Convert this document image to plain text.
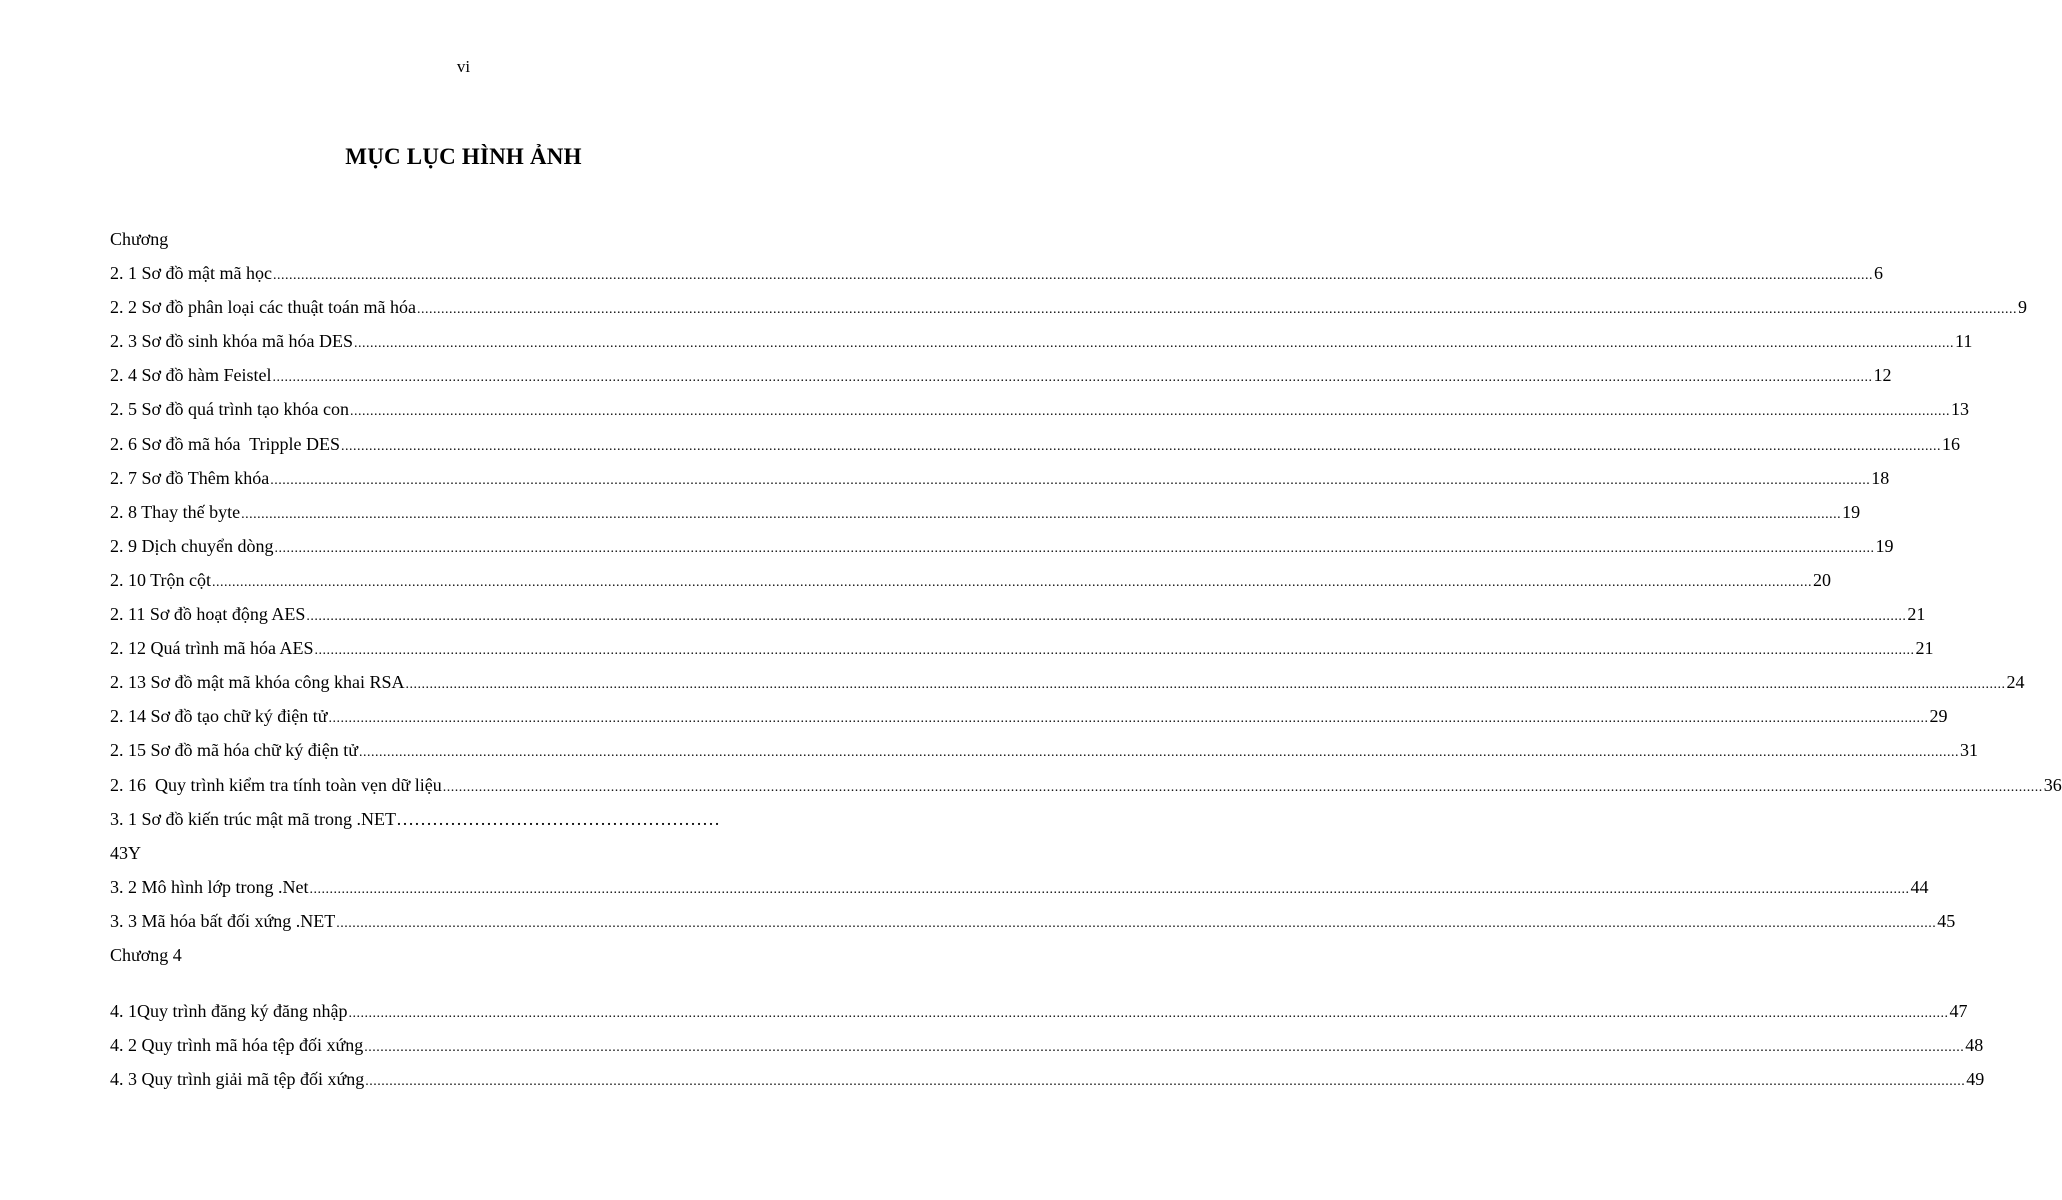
vi
MỤC LỤC HÌNH ẢNH
Chương
2. 1 Sơ đồ mật mã học ................................................................................................................................................................................................................................................................................................................................................................................................................ 6
2. 2 Sơ đồ phân loại các thuật toán mã hóa ................................................................................................................................................................................................................................................................................................................................................................................................................ 9
2. 3 Sơ đồ sinh khóa mã hóa DES ................................................................................................................................................................................................................................................................................................................................................................................................................ 11
2. 4 Sơ đồ hàm Feistel ................................................................................................................................................................................................................................................................................................................................................................................................................ 12
2. 5 Sơ đồ quá trình tạo khóa con ................................................................................................................................................................................................................................................................................................................................................................................................................ 13
2. 6 Sơ đồ mã hóa  Tripple DES ................................................................................................................................................................................................................................................................................................................................................................................................................ 16
2. 7 Sơ đồ Thêm khóa ................................................................................................................................................................................................................................................................................................................................................................................................................ 18
2. 8 Thay thế byte ................................................................................................................................................................................................................................................................................................................................................................................................................ 19
2. 9 Dịch chuyển dòng ................................................................................................................................................................................................................................................................................................................................................................................................................ 19
2. 10 Trộn cột ................................................................................................................................................................................................................................................................................................................................................................................................................ 20
2. 11 Sơ đồ hoạt động AES ................................................................................................................................................................................................................................................................................................................................................................................................................ 21
2. 12 Quá trình mã hóa AES ................................................................................................................................................................................................................................................................................................................................................................................................................ 21
2. 13 Sơ đồ mật mã khóa công khai RSA ................................................................................................................................................................................................................................................................................................................................................................................................................ 24
2. 14 Sơ đồ tạo chữ ký điện tử ................................................................................................................................................................................................................................................................................................................................................................................................................ 29
2. 15 Sơ đồ mã hóa chữ ký điện tử ................................................................................................................................................................................................................................................................................................................................................................................................................ 31
2. 16  Quy trình kiểm tra tính toàn vẹn dữ liệu ................................................................................................................................................................................................................................................................................................................................................................................................................ 36
3. 1 Sơ đồ kiến trúc mật mã trong .NET………………………………………………
43Y
3. 2 Mô hình lớp trong .Net ................................................................................................................................................................................................................................................................................................................................................................................................................ 44
3. 3 Mã hóa bất đối xứng .NET ................................................................................................................................................................................................................................................................................................................................................................................................................ 45
Chương 4
4. 1Quy trình đăng ký đăng nhập ................................................................................................................................................................................................................................................................................................................................................................................................................ 47
4. 2 Quy trình mã hóa tệp đối xứng ................................................................................................................................................................................................................................................................................................................................................................................................................ 48
4. 3 Quy trình giải mã tệp đối xứng ................................................................................................................................................................................................................................................................................................................................................................................................................ 49
